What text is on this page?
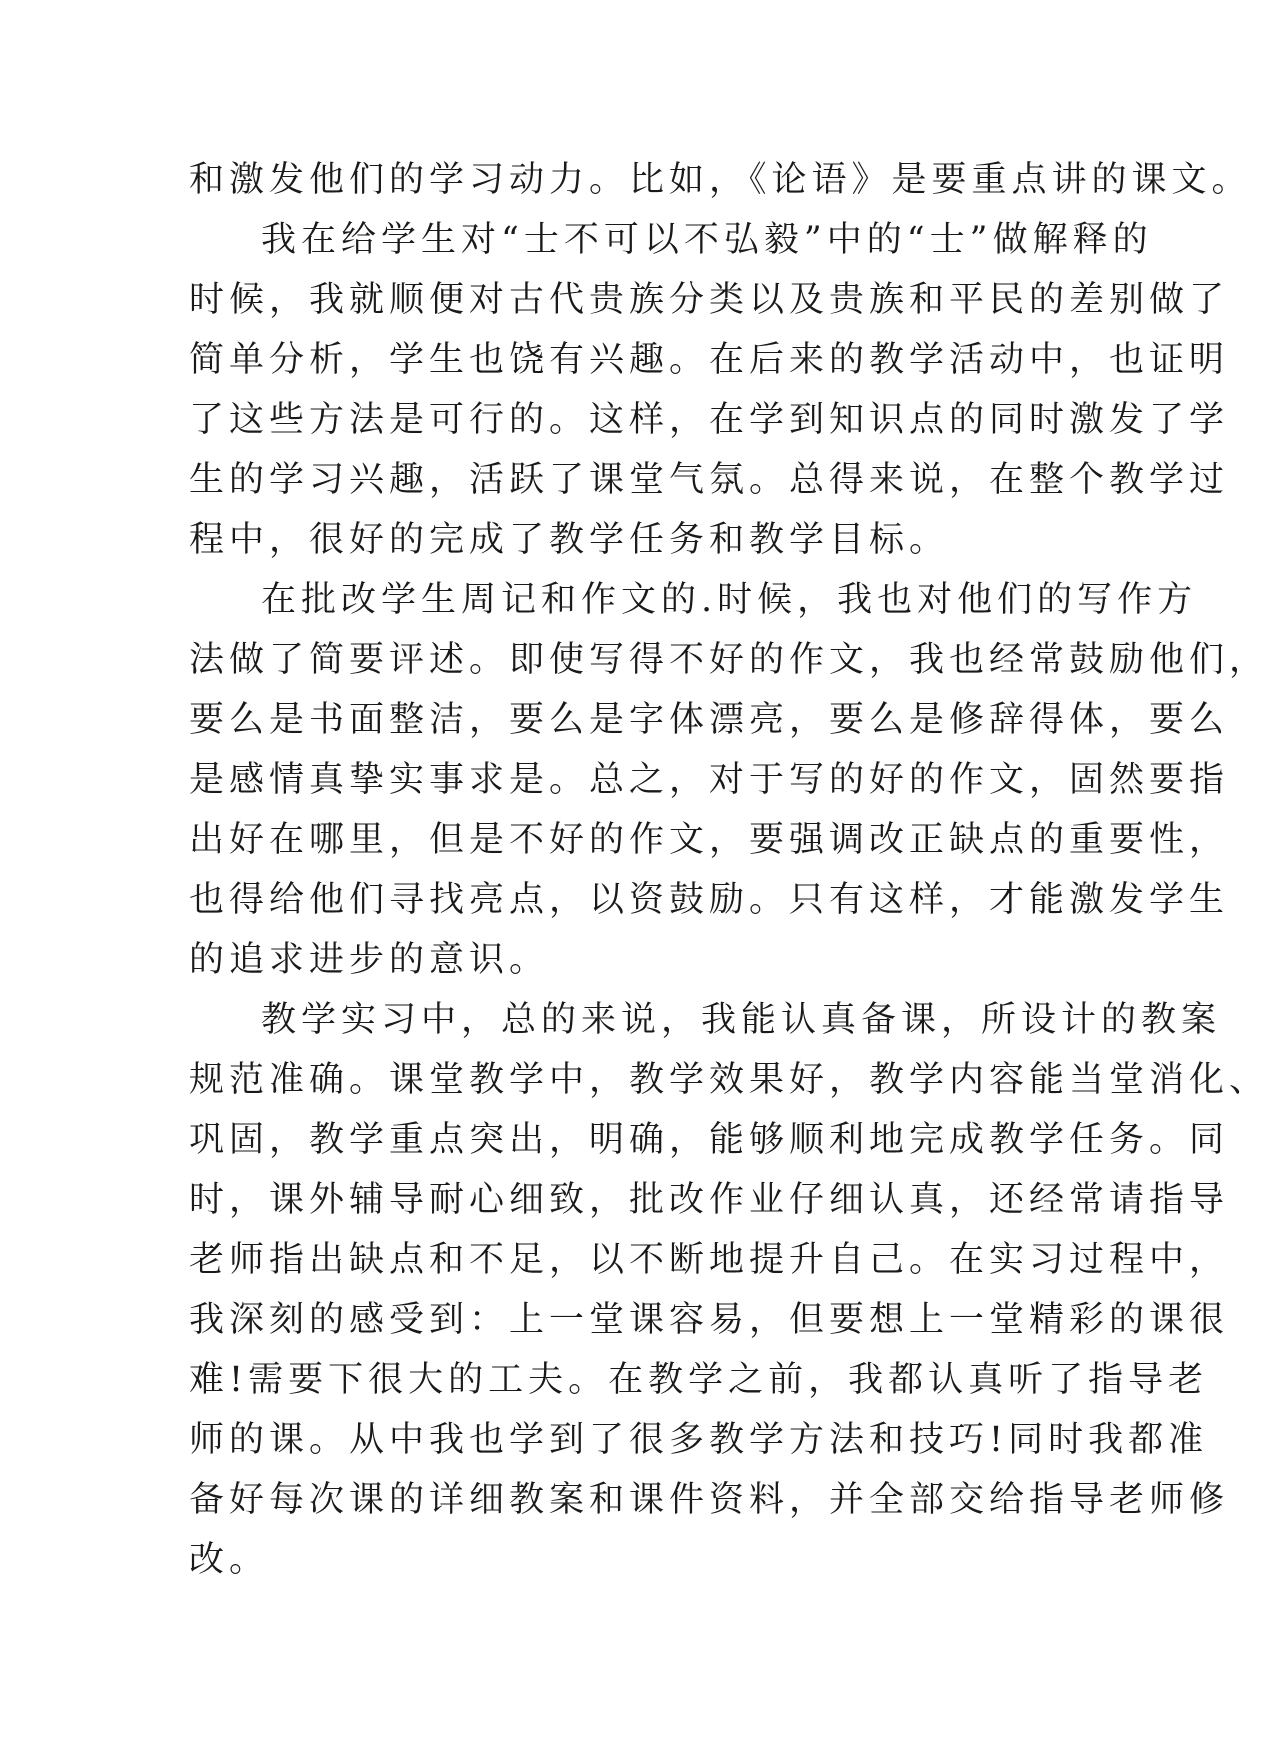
和激发他们的学习动力。比如，《论语》是要重点讲的课文。
我在给学生对“士不可以不弘毅”中的“士”做解释的
时候，我就顺便对古代贵族分类以及贵族和平民的差别做了
简单分析，学生也饶有兴趣。在后来的教学活动中，也证明
了这些方法是可行的。这样，在学到知识点的同时激发了学
生的学习兴趣，活跃了课堂气氛。总得来说，在整个教学过
程中，很好的完成了教学任务和教学目标。
在批改学生周记和作文的.时候，我也对他们的写作方
法做了简要评述。即使写得不好的作文，我也经常鼓励他们，
要么是书面整洁，要么是字体漂亮，要么是修辞得体，要么
是感情真挚实事求是。总之，对于写的好的作文，固然要指
出好在哪里，但是不好的作文，要强调改正缺点的重要性，
也得给他们寻找亮点，以资鼓励。只有这样，才能激发学生
的追求进步的意识。
教学实习中，总的来说，我能认真备课，所设计的教案
规范准确。课堂教学中，教学效果好，教学内容能当堂消化、
巩固，教学重点突出，明确，能够顺利地完成教学任务。同
时，课外辅导耐心细致，批改作业仔细认真，还经常请指导
老师指出缺点和不足，以不断地提升自己。在实习过程中，
我深刻的感受到：上一堂课容易，但要想上一堂精彩的课很
难!需要下很大的工夫。在教学之前，我都认真听了指导老
师的课。从中我也学到了很多教学方法和技巧!同时我都准
备好每次课的详细教案和课件资料，并全部交给指导老师修
改。
